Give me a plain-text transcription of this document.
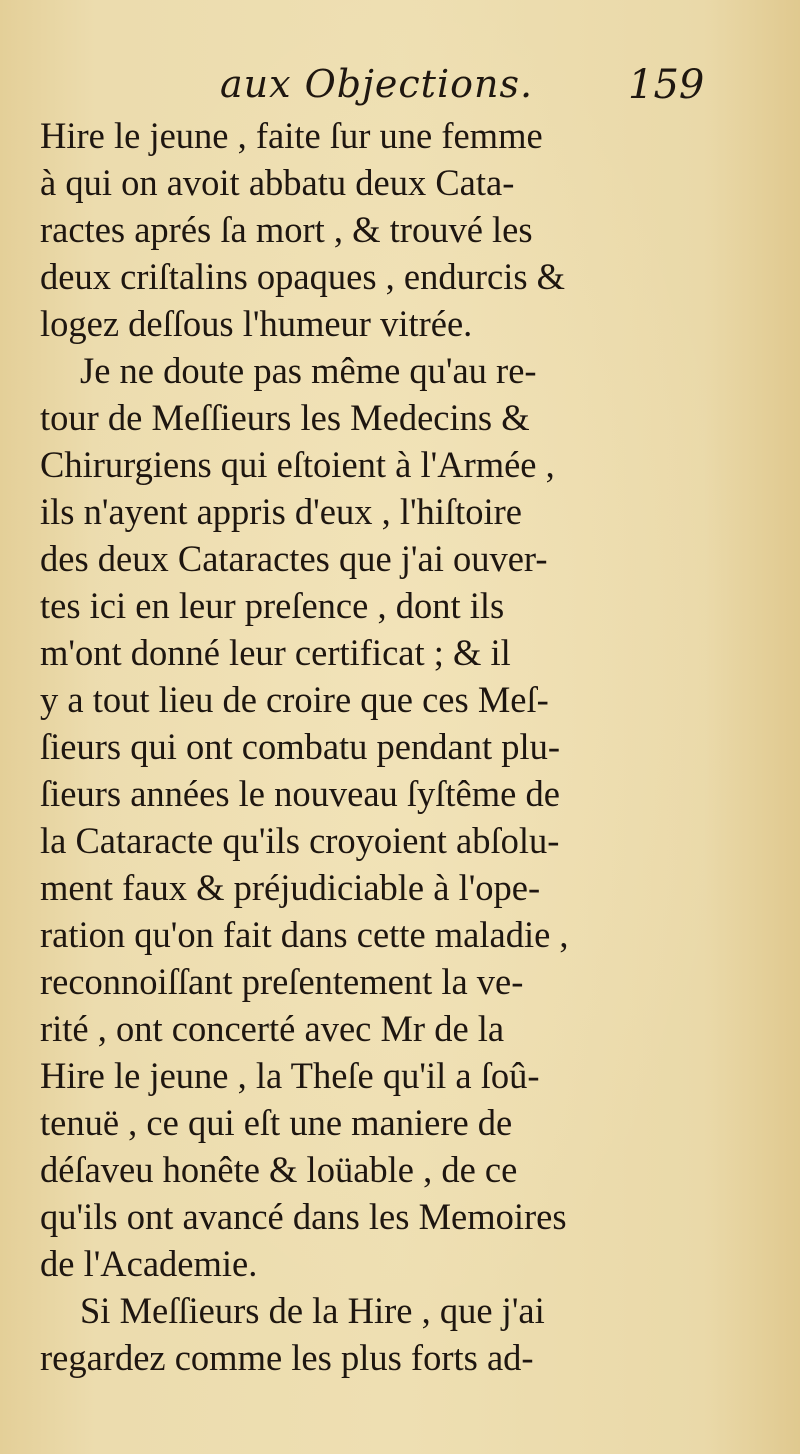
aux Objections. 159
Hire le jeune , faite ſur une femme
à qui on avoit abbatu deux Cata-
ractes aprés ſa mort , & trouvé les
deux criſtalins opaques , endurcis &
logez deſſous l'humeur vitrée.
Je ne doute pas même qu'au re-
tour de Meſſieurs les Medecins &
Chirurgiens qui eſtoient à l'Armée ,
ils n'ayent appris d'eux , l'hiſtoire
des deux Cataractes que j'ai ouver-
tes ici en leur preſence , dont ils
m'ont donné leur certificat ; & il
y a tout lieu de croire que ces Meſ-
ſieurs qui ont combatu pendant plu-
ſieurs années le nouveau ſyſtême de
la Cataracte qu'ils croyoient abſolu-
ment faux & préjudiciable à l'ope-
ration qu'on fait dans cette maladie ,
reconnoiſſant preſentement la ve-
rité , ont concerté avec Mr de la
Hire le jeune , la Theſe qu'il a ſoû-
tenuë , ce qui eſt une maniere de
déſaveu honête & loüable , de ce
qu'ils ont avancé dans les Memoires
de l'Academie.
Si Meſſieurs de la Hire , que j'ai
regardez comme les plus forts ad-
